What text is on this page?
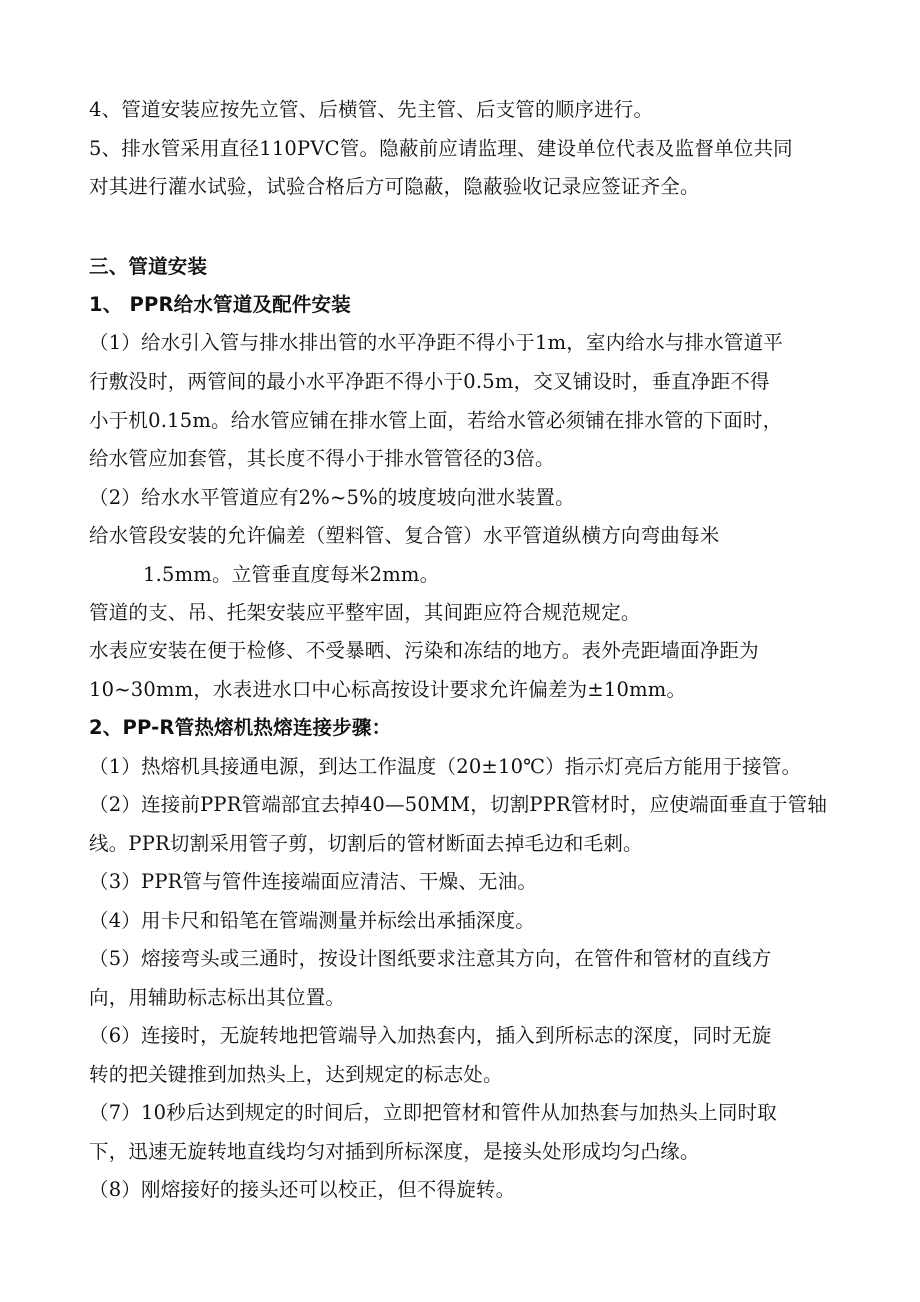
4、管道安装应按先立管、后横管、先主管、后支管的顺序进行。
5、排水管采用直径110PVC管。隐蔽前应请监理、建设单位代表及监督单位共同
对其进行灌水试验，试验合格后方可隐蔽，隐蔽验收记录应签证齐全。
三、管道安装
1、 PPR给水管道及配件安装
（1）给水引入管与排水排出管的水平净距不得小于1m，室内给水与排水管道平
行敷没时，两管间的最小水平净距不得小于0.5m，交叉铺设时，垂直净距不得
小于机0.15m。给水管应铺在排水管上面，若给水管必须铺在排水管的下面时，
给水管应加套管，其长度不得小于排水管管径的3倍。
（2）给水水平管道应有2%~5%的坡度坡向泄水装置。
给水管段安装的允许偏差（塑料管、复合管）水平管道纵横方向弯曲每米
1.5mm。立管垂直度每米2mm。
管道的支、吊、托架安装应平整牢固，其间距应符合规范规定。
水表应安装在便于检修、不受暴晒、污染和冻结的地方。表外壳距墙面净距为
10~30mm，水表进水口中心标高按设计要求允许偏差为±10mm。
2、PP-R管热熔机热熔连接步骤：
（1）热熔机具接通电源，到达工作温度（20±10℃）指示灯亮后方能用于接管。
（2）连接前PPR管端部宜去掉40—50MM，切割PPR管材时，应使端面垂直于管轴
线。PPR切割采用管子剪，切割后的管材断面去掉毛边和毛刺。
（3）PPR管与管件连接端面应清洁、干燥、无油。
（4）用卡尺和铅笔在管端测量并标绘出承插深度。
（5）熔接弯头或三通时，按设计图纸要求注意其方向，在管件和管材的直线方
向，用辅助标志标出其位置。
（6）连接时，无旋转地把管端导入加热套内，插入到所标志的深度，同时无旋
转的把关键推到加热头上，达到规定的标志处。
（7）10秒后达到规定的时间后，立即把管材和管件从加热套与加热头上同时取
下，迅速无旋转地直线均匀对插到所标深度，是接头处形成均匀凸缘。
（8）刚熔接好的接头还可以校正，但不得旋转。
